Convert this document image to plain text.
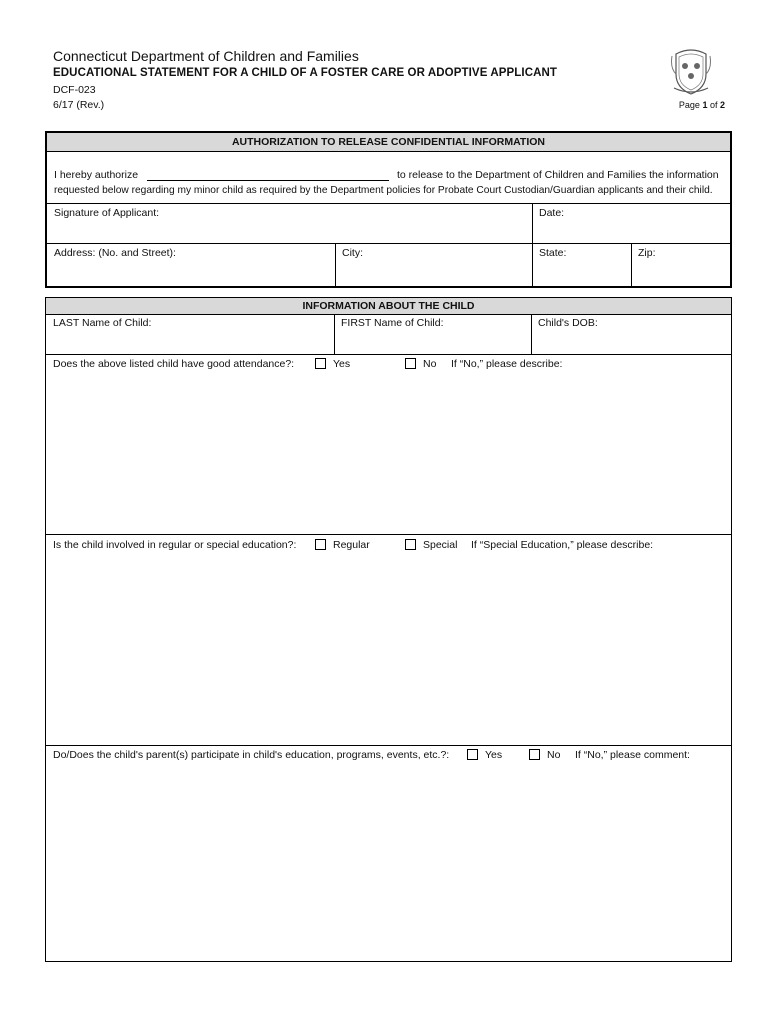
Connecticut Department of Children and Families
EDUCATIONAL STATEMENT FOR A CHILD OF A FOSTER CARE OR ADOPTIVE APPLICANT
DCF-023
6/17 (Rev.)	Page 1 of 2
AUTHORIZATION TO RELEASE CONFIDENTIAL INFORMATION
I hereby authorize	to release to the Department of Children and Families the information
requested below regarding my minor child as required by the Department policies for Probate Court Custodian/Guardian applicants and their child.
Signature of Applicant:	Date:
Address: (No. and Street):	City:	State:	Zip:
INFORMATION ABOUT THE CHILD
LAST Name of Child:	FIRST Name of Child:	Child's DOB:
Does the above listed child have good attendance?:	Yes	No If “No,” please describe:
Is the child involved in regular or special education?:	Regular	Special If “Special Education,” please describe:
Do/Does the child's parent(s) participate in child's education, programs, events, etc.?:	Yes	No If “No,” please comment:
